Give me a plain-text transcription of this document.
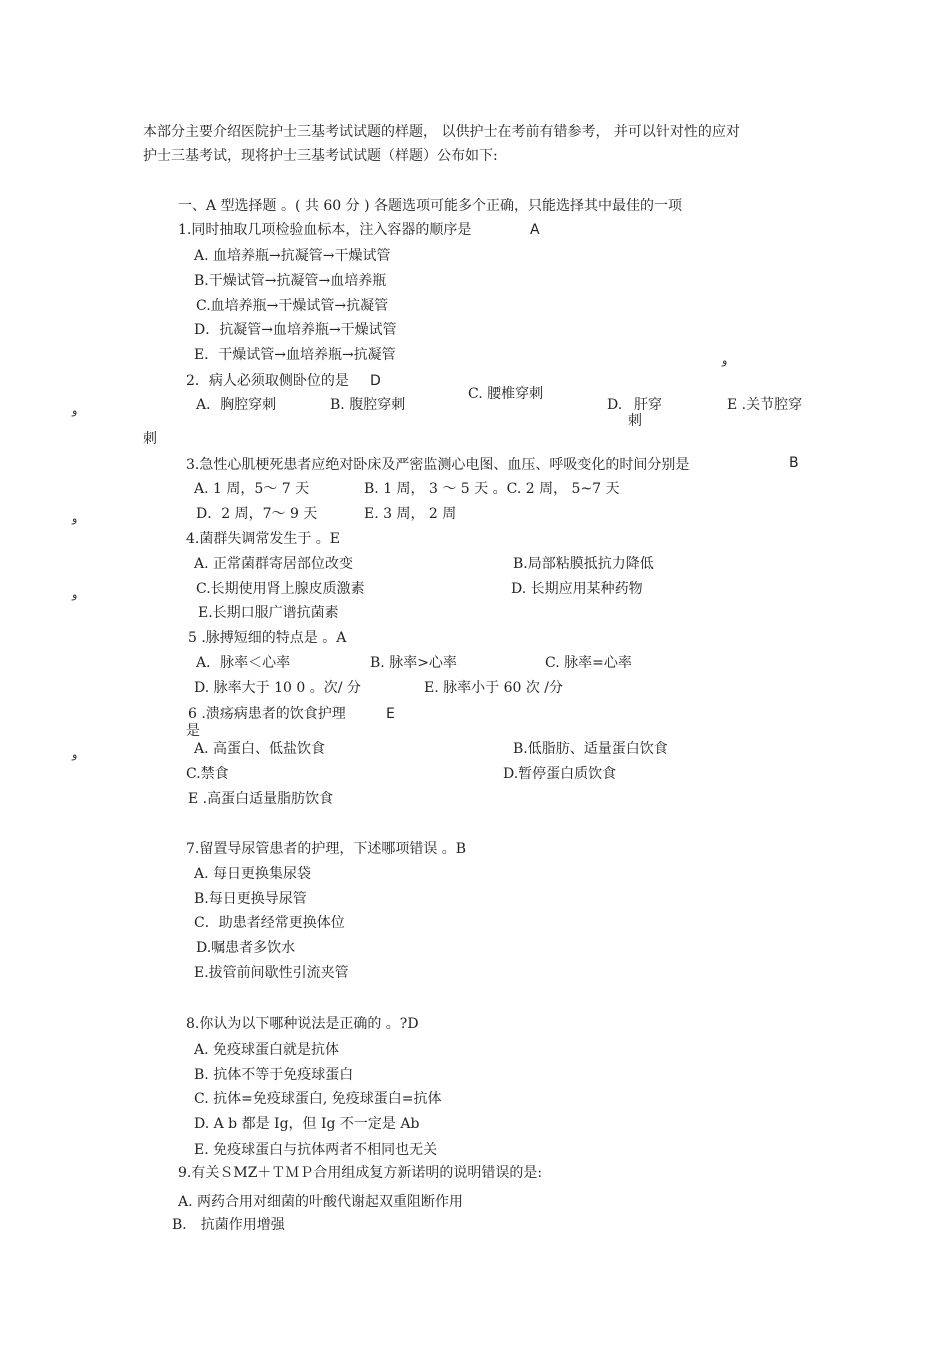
本部分主要介绍医院护士三基考试试题的样题， 以供护士在考前有错参考， 并可以针对性的应对
护士三基考试，现将护士三基考试试题（样题）公布如下:
一、A 型选择题 。( 共 60 分 ) 各题选项可能多个正确，只能选择其中最佳的一项
1.同时抽取几项检验血标本，注入容器的顺序是	A
A. 血培养瓶→抗凝管→干燥试管
B.干燥试管→抗凝管→血培养瓶
C.血培养瓶→干燥试管→抗凝管
D．抗凝管→血培养瓶→干燥试管
E．干燥试管→血培养瓶→抗凝管	و
2．病人必须取侧卧位的是 D
C. 腰椎穿刺
A．胸腔穿刺	B. 腹腔穿刺	D. 肝穿
刺
E .关节腔穿
و
刺
3.急性心肌梗死患者应绝对卧床及严密监测心电图、血压、呼吸变化的时间分别是	B
A. 1 周，5～ 7 天	B. 1 周， 3 ～ 5 天 。C. 2 周， 5~7 天
D．2 周，7～ 9 天	E. 3 周， 2 周
و
4.菌群失调常发生于 。E
A. 正常菌群寄居部位改变	B.局部粘膜抵抗力降低
C.长期使用肾上腺皮质激素	D. 长期应用某种药物
و
E.长期口服广谱抗菌素
5 .脉搏短细的特点是 。A
A．脉率＜心率	B. 脉率>心率	C. 脉率=心率
D. 脉率大于 10 0 。次/ 分	E. 脉率小于 60 次 /分
6 .溃疡病患者的饮食护理	E
是
A. 高蛋白、低盐饮食	B.低脂肪、适量蛋白饮食
و
C.禁食	D.暂停蛋白质饮食
E .高蛋白适量脂肪饮食
7.留置导尿管患者的护理，下述哪项错误 。B
A. 每日更换集尿袋
B.每日更换导尿管
C．助患者经常更换体位
D.嘱患者多饮水
E.拔管前间歇性引流夹管
8.你认为以下哪种说法是正确的 。?D
A. 免疫球蛋白就是抗体
B. 抗体不等于免疫球蛋白
C. 抗体=免疫球蛋白, 免疫球蛋白=抗体
D. A b 都是 Ig，但 Ig 不一定是 Ab
E. 免疫球蛋白与抗体两者不相同也无关
9.有关ＳMZ＋ＴＭＰ合用组成复方新诺明的说明错误的是:
A. 两药合用对细菌的叶酸代谢起双重阻断作用
B． 抗菌作用增强
